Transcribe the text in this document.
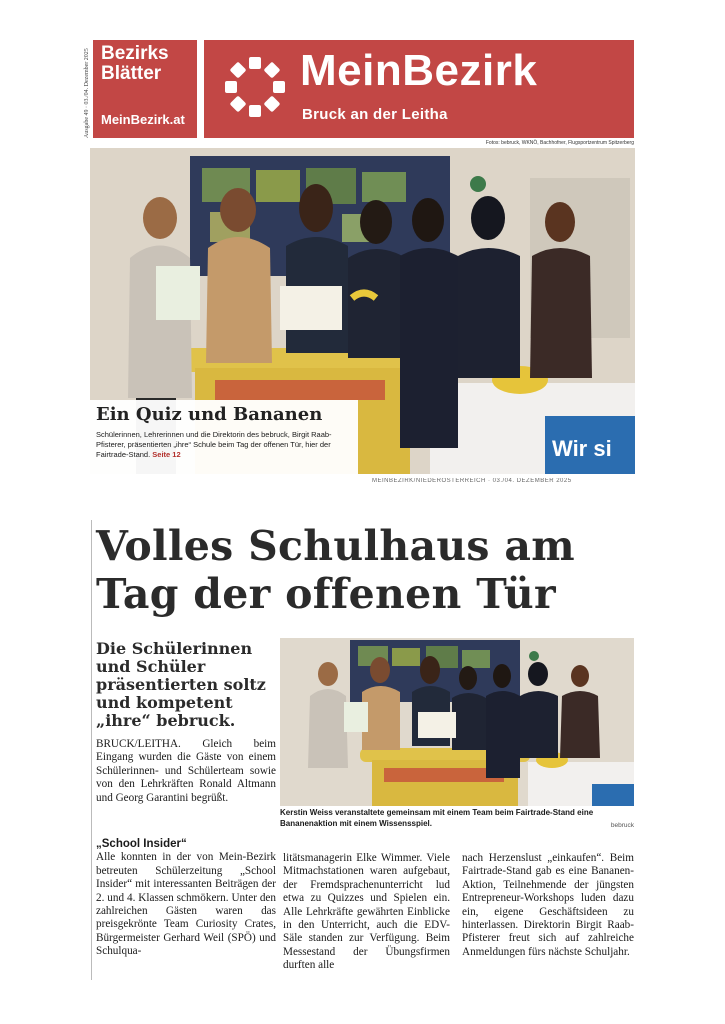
Ausgabe 49 · 03./04. Dezember 2025 Bezirks Blätter
MeinBezirk.at
MeinBezirk
Bruck an der Leitha
Fotos: bebruck, WKNÖ, Bachhofner, Flugsportzentrum Spitzerberg
Wir si
Ein Quiz und Bananen

Schülerinnen, Lehrerinnen und die Direktorin des bebruck, Birgit Raab-Pfisterer, präsentierten „ihre“ Schule beim Tag der offenen Tür, hier der Fairtrade-Stand. Seite 12

MEINBEZIRK/NIEDERÖSTERREICH · 03./04. DEZEMBER 2025
Volles Schulhaus am Tag der offenen Tür

Die Schülerinnen und Schüler präsentierten soltz und kompetent „ihre“ bebruck.

BRUCK/LEITHA. Gleich beim Eingang wurden die Gäste von einem Schülerinnen- und Schülerteam sowie von den Lehrkräften Ronald Altmann und Georg Garantini begrüßt.

„School Insider“

Alle konnten in der von Mein-Bezirk betreuten Schülerzeitung „School Insider“ mit interessanten Beiträgen der 2. und 4. Klassen schmökern. Unter den zahlreichen Gästen waren das preisgekrönte Team Curiosity Crates, Bürgermeister Gerhard Weil (SPÖ) und Schulqua-

Kerstin Weiss veranstaltete gemeinsam mit einem Team beim Fairtrade-Stand eine Bananenaktion mit einem Wissensspiel.	bebruck

litätsmanagerin Elke Wimmer. Viele Mitmachstationen waren aufgebaut, der Fremdsprachenunterricht lud etwa zu Quizzes und Spielen ein. Alle Lehrkräfte gewährten Einblicke in den Unterricht, auch die EDV-Säle standen zur Verfügung. Beim Messestand der Übungsfirmen durften alle

nach Herzenslust „einkaufen“. Beim Fairtrade-Stand gab es eine Bananen-Aktion, Teilnehmende der jüngsten Entrepreneur-Workshops luden dazu ein, eigene Geschäftsideen zu hinterlassen. Direktorin Birgit Raab-Pfisterer freut sich auf zahlreiche Anmeldungen fürs nächste Schuljahr.
